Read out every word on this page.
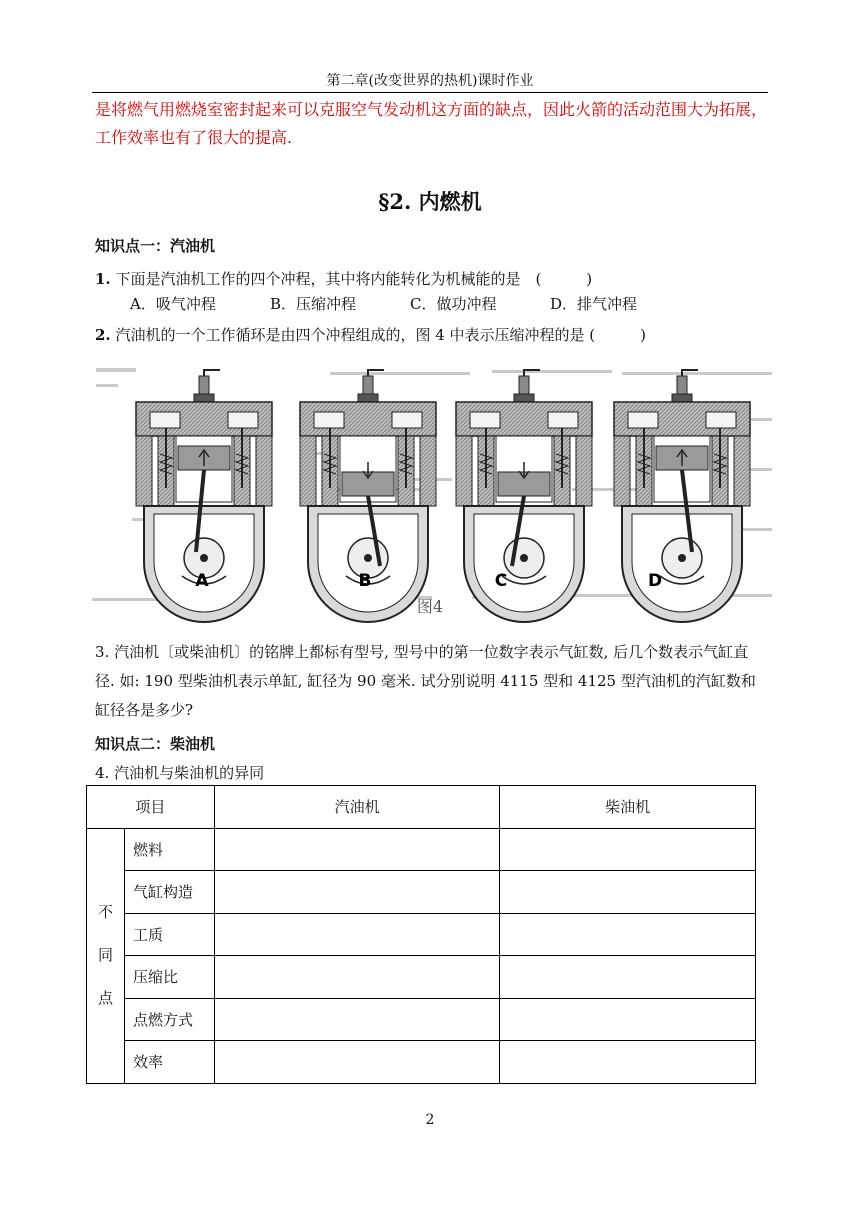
第二章(改变世界的热机)课时作业
是将燃气用燃烧室密封起来可以克服空气发动机这方面的缺点，因此火箭的活动范围大为拓展，工作效率也有了很大的提高.
§2. 内燃机
知识点一：汽油机
1. 下面是汽油机工作的四个冲程，其中将内能转化为机械能的是　(　　　)
A．吸气冲程	B．压缩冲程	C．做功冲程	D．排气冲程
2. 汽油机的一个工作循环是由四个冲程组成的，图 4 中表示压缩冲程的是 (　　　)
A	B	C	D
图4
3. 汽油机〔或柴油机〕的铭牌上都标有型号, 型号中的第一位数字表示气缸数, 后几个数表示气缸直径. 如: 190 型柴油机表示单缸, 缸径为 90 毫米. 试分别说明 4115 型和 4125 型汽油机的汽缸数和缸径各是多少?
知识点二：柴油机
4. 汽油机与柴油机的异同
项目		汽油机	柴油机

不
同
点	燃料		
	气缸构造		
	工质		
	压缩比		
	点燃方式		
	效率		
2
